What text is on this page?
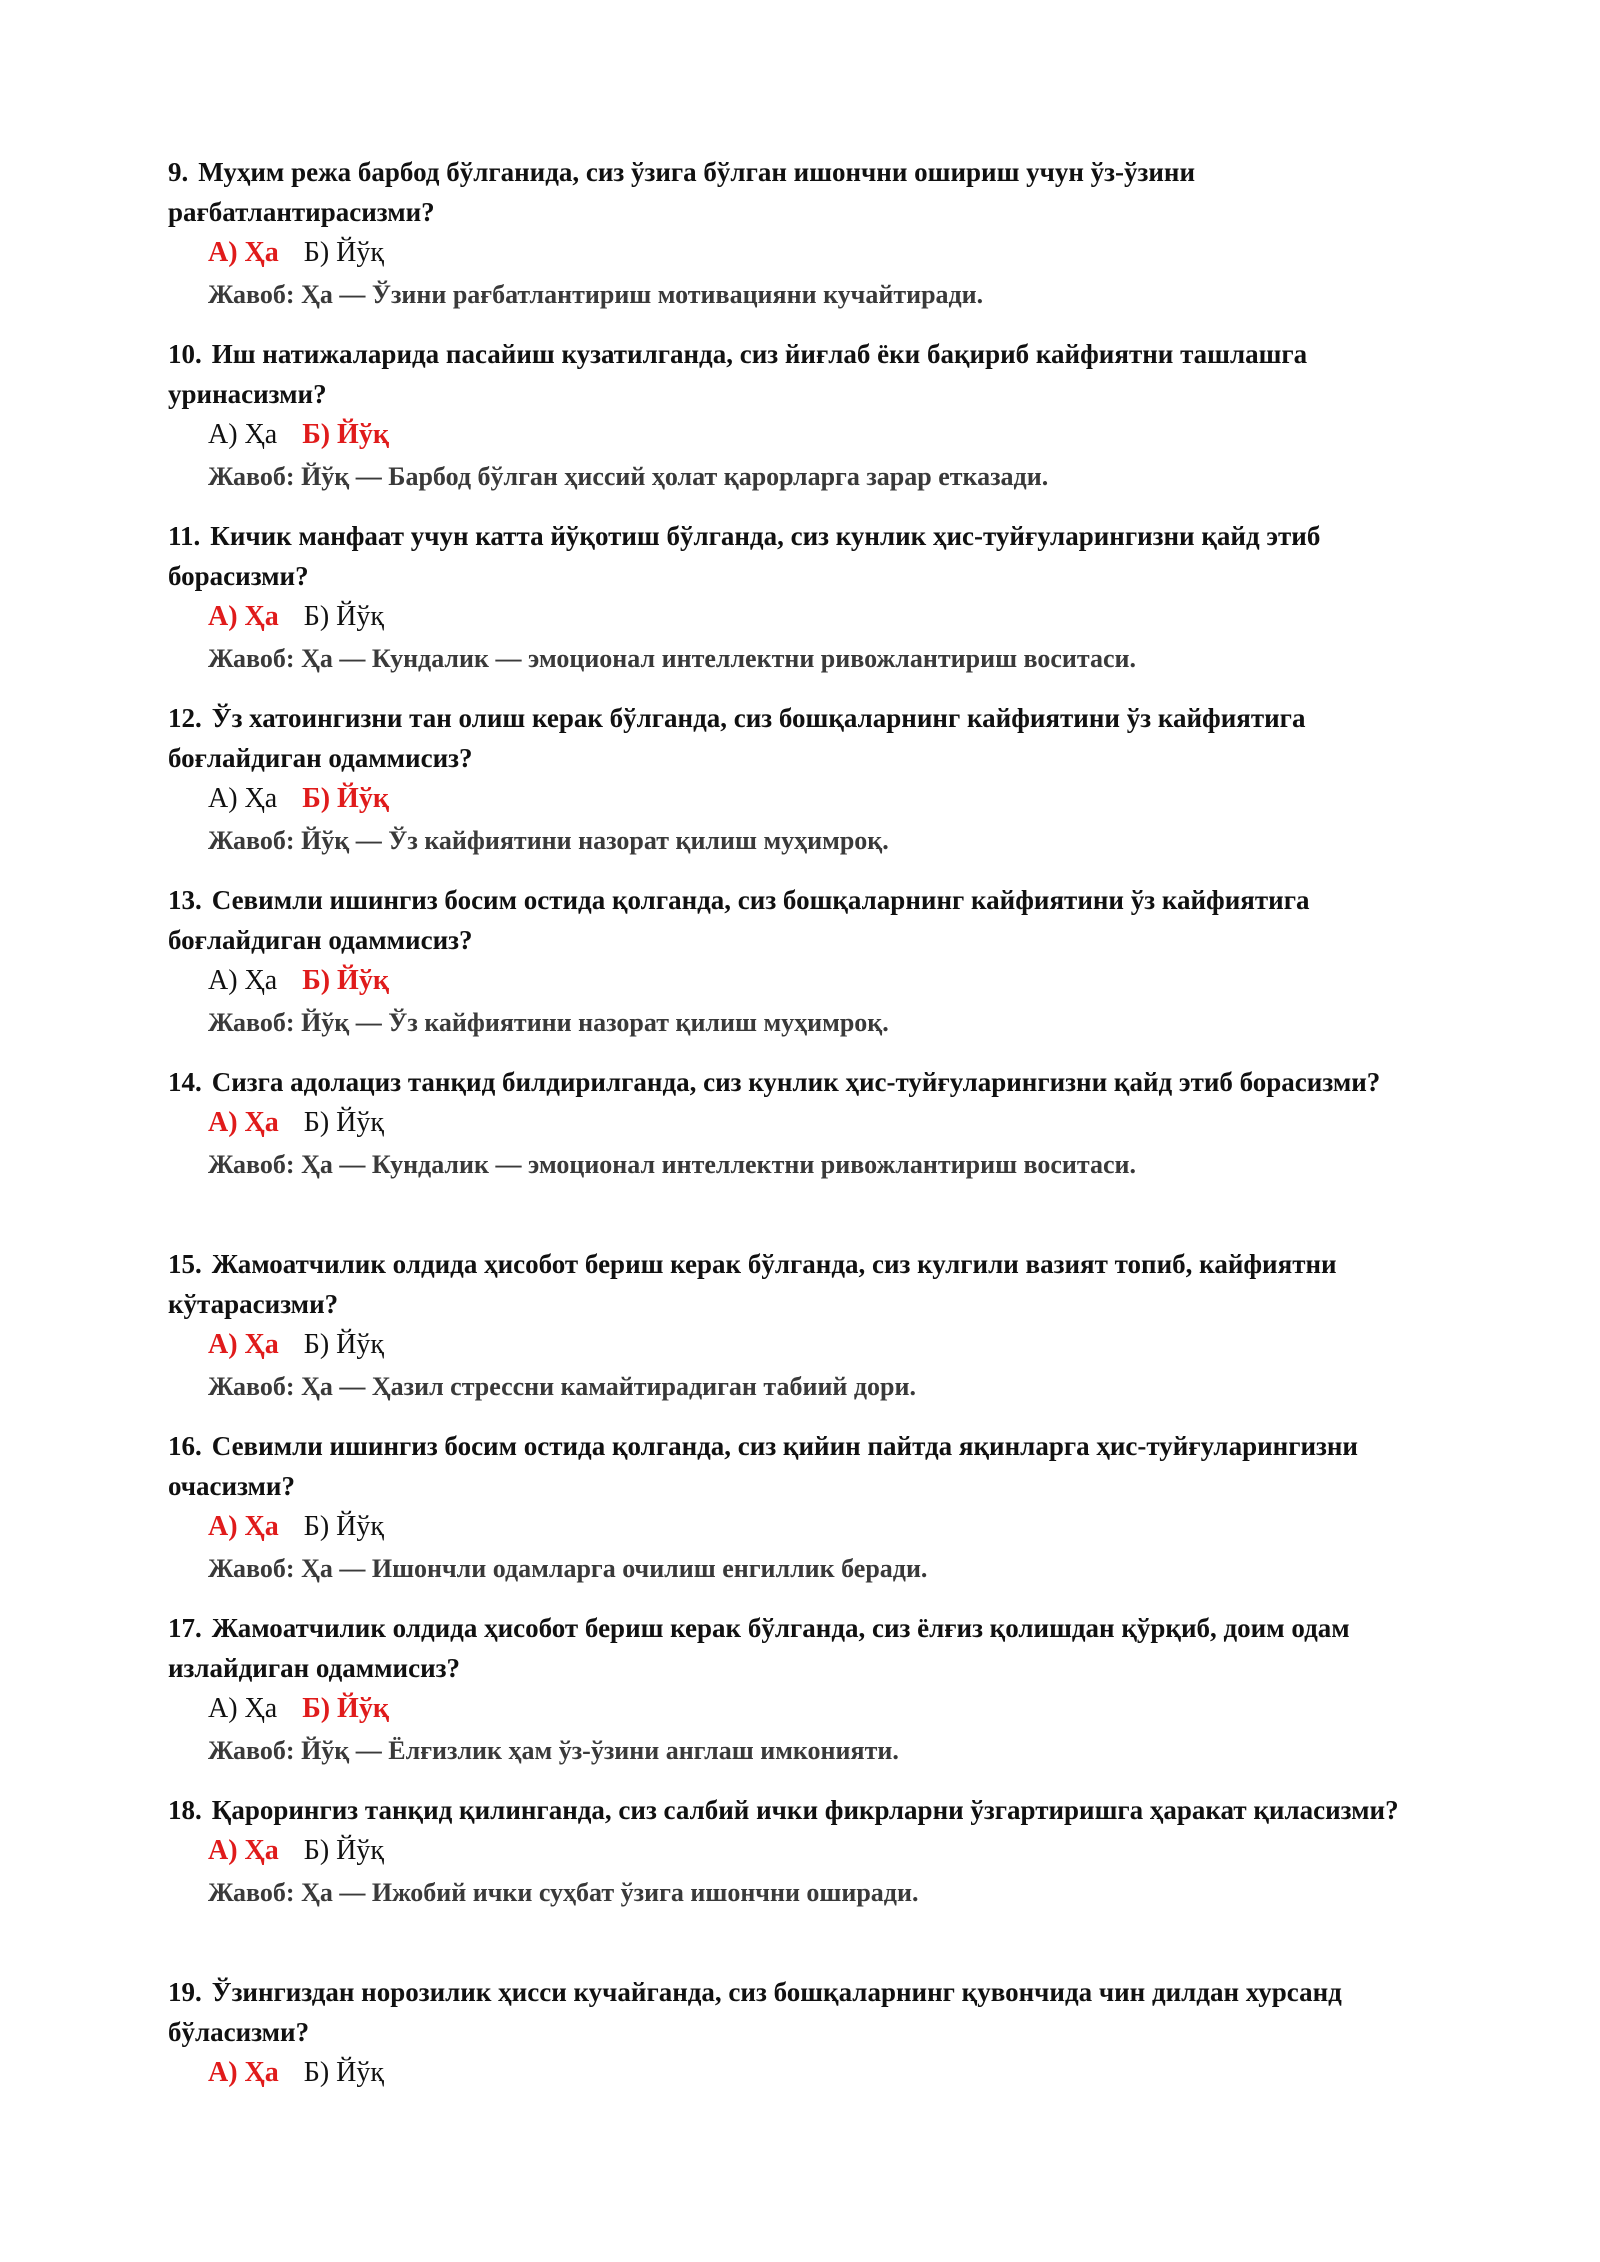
9. Муҳим режа барбод бўлганида, сиз ўзига бўлган ишончни ошириш учун ўз-ўзини рағбатлантирасизми?

А) Ҳа Б) Йўқ
Жавоб: Ҳа — Ўзини рағбатлантириш мотивацияни кучайтиради.

10. Иш натижаларида пасайиш кузатилганда, сиз йиғлаб ёки бақириб кайфиятни ташлашга уринасизми?

А) Ҳа Б) Йўқ
Жавоб: Йўқ — Барбод бўлган ҳиссий ҳолат қарорларга зарар етказади.

11. Кичик манфаат учун катта йўқотиш бўлганда, сиз кунлик ҳис-туйғуларингизни қайд этиб борасизми?

А) Ҳа Б) Йўқ
Жавоб: Ҳа — Кундалик — эмоционал интеллектни ривожлантириш воситаси.

12. Ўз хатоингизни тан олиш керак бўлганда, сиз бошқаларнинг кайфиятини ўз кайфиятига боғлайдиган одаммисиз?

А) Ҳа Б) Йўқ
Жавоб: Йўқ — Ўз кайфиятини назорат қилиш муҳимроқ.

13. Севимли ишингиз босим остида қолганда, сиз бошқаларнинг кайфиятини ўз кайфиятига боғлайдиган одаммисиз?

А) Ҳа Б) Йўқ
Жавоб: Йўқ — Ўз кайфиятини назорат қилиш муҳимроқ.

14. Сизга адолациз танқид билдирилганда, сиз кунлик ҳис-туйғуларингизни қайд этиб борасизми?

А) Ҳа Б) Йўқ
Жавоб: Ҳа — Кундалик — эмоционал интеллектни ривожлантириш воситаси.

15. Жамоатчилик олдида ҳисобот бериш керак бўлганда, сиз кулгили вазият топиб, кайфиятни кўтарасизми?

А) Ҳа Б) Йўқ
Жавоб: Ҳа — Ҳазил стрессни камайтирадиган табиий дори.

16. Севимли ишингиз босим остида қолганда, сиз қийин пайтда яқинларга ҳис-туйғуларингизни очасизми?

А) Ҳа Б) Йўқ
Жавоб: Ҳа — Ишончли одамларга очилиш енгиллик беради.

17. Жамоатчилик олдида ҳисобот бериш керак бўлганда, сиз ёлғиз қолишдан қўрқиб, доим одам излайдиган одаммисиз?

А) Ҳа Б) Йўқ
Жавоб: Йўқ — Ёлғизлик ҳам ўз-ўзини англаш имконияти.

18. Қарорингиз танқид қилинганда, сиз салбий ички фикрларни ўзгартиришга ҳаракат қиласизми?

А) Ҳа Б) Йўқ
Жавоб: Ҳа — Ижобий ички суҳбат ўзига ишончни оширади.

19. Ўзингиздан норозилик ҳисси кучайганда, сиз бошқаларнинг қувончида чин дилдан хурсанд бўласизми?

А) Ҳа Б) Йўқ
